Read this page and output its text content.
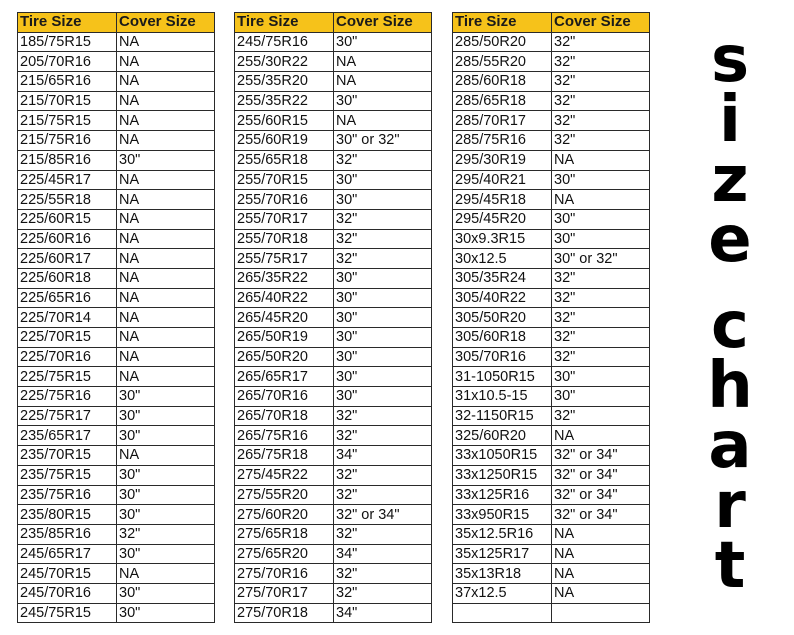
Tire Size	Cover Size
185/75R15	NA
205/70R16	NA
215/65R16	NA
215/70R15	NA
215/75R15	NA
215/75R16	NA
215/85R16	30"
225/45R17	NA
225/55R18	NA
225/60R15	NA
225/60R16	NA
225/60R17	NA
225/60R18	NA
225/65R16	NA
225/70R14	NA
225/70R15	NA
225/70R16	NA
225/75R15	NA
225/75R16	30"
225/75R17	30"
235/65R17	30"
235/70R15	NA
235/75R15	30"
235/75R16	30"
235/80R15	30"
235/85R16	32"
245/65R17	30"
245/70R15	NA
245/70R16	30"
245/75R15	30"
Tire Size	Cover Size
245/75R16	30"
255/30R22	NA
255/35R20	NA
255/35R22	30"
255/60R15	NA
255/60R19	30" or 32"
255/65R18	32"
255/70R15	30"
255/70R16	30"
255/70R17	32"
255/70R18	32"
255/75R17	32"
265/35R22	30"
265/40R22	30"
265/45R20	30"
265/50R19	30"
265/50R20	30"
265/65R17	30"
265/70R16	30"
265/70R18	32"
265/75R16	32"
265/75R18	34"
275/45R22	32"
275/55R20	32"
275/60R20	32" or 34"
275/65R18	32"
275/65R20	34"
275/70R16	32"
275/70R17	32"
275/70R18	34"
Tire Size	Cover Size
285/50R20	32"
285/55R20	32"
285/60R18	32"
285/65R18	32"
285/70R17	32"
285/75R16	32"
295/30R19	NA
295/40R21	30"
295/45R18	NA
295/45R20	30"
30x9.3R15	30"
30x12.5	30" or 32"
305/35R24	32"
305/40R22	32"
305/50R20	32"
305/60R18	32"
305/70R16	32"
31-1050R15	30"
31x10.5-15	30"
32-1150R15	32"
325/60R20	NA
33x1050R15	32" or 34"
33x1250R15	32" or 34"
33x125R16	32" or 34"
33x950R15	32" or 34"
35x12.5R16	NA
35x125R17	NA
35x13R18	NA
37x12.5	NA

s
i
z
e
c
h
a
r
t
